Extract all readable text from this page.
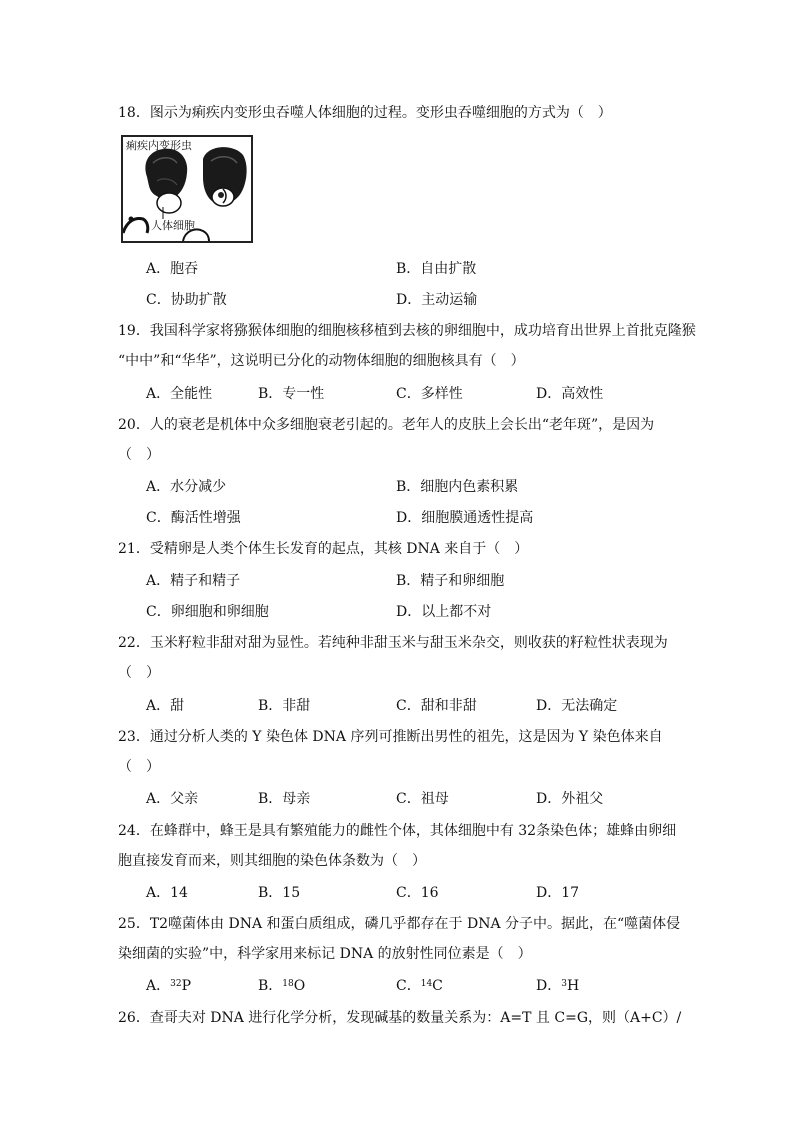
18．图示为痢疾内变形虫吞噬人体细胞的过程。变形虫吞噬细胞的方式为（　）
痢疾内变形虫
人体细胞
A．胞吞	B．自由扩散
C．协助扩散	D．主动运输
19．我国科学家将猕猴体细胞的细胞核移植到去核的卵细胞中，成功培育出世界上首批克隆猴
“中中”和“华华”，这说明已分化的动物体细胞的细胞核具有（　）
A．全能性	B．专一性	C．多样性	D．高效性
20．人的衰老是机体中众多细胞衰老引起的。老年人的皮肤上会长出“老年斑”，是因为
（　）
A．水分减少	B．细胞内色素积累
C．酶活性增强	D．细胞膜通透性提高
21．受精卵是人类个体生长发育的起点，其核 DNA 来自于（　）
A．精子和精子	B．精子和卵细胞
C．卵细胞和卵细胞	D．以上都不对
22．玉米籽粒非甜对甜为显性。若纯种非甜玉米与甜玉米杂交，则收获的籽粒性状表现为
（　）
A．甜	B．非甜	C．甜和非甜	D．无法确定
23．通过分析人类的 Y 染色体 DNA 序列可推断出男性的祖先，这是因为 Y 染色体来自
（　）
A．父亲	B．母亲	C．祖母	D．外祖父
24．在蜂群中，蜂王是具有繁殖能力的雌性个体，其体细胞中有 32条染色体；雄蜂由卵细
胞直接发育而来，则其细胞的染色体条数为（　）
A．14	B．15	C．16	D．17
25．T2噬菌体由 DNA 和蛋白质组成，磷几乎都存在于 DNA 分子中。据此，在“噬菌体侵
染细菌的实验”中，科学家用来标记 DNA 的放射性同位素是（　）
A．$^{32}$P	B．$^{18}$O	C．$^{14}$C	D．$^3$H
26．查哥夫对 DNA 进行化学分析，发现碱基的数量关系为：A=T 且 C=G，则（A+C）/
